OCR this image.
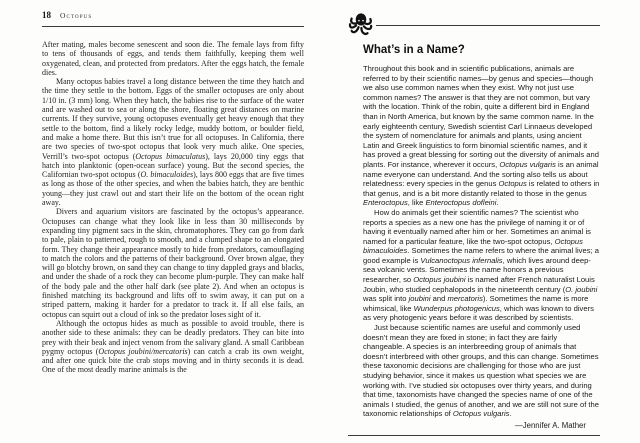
18 Octopus

After mating, males become senescent and soon die. The female lays from fifty to tens of thousands of eggs, and tends them faithfully, keeping them well oxygenated, clean, and protected from predators. After the eggs hatch, the female dies.

Many octopus babies travel a long distance between the time they hatch and the time they settle to the bottom. Eggs of the smaller octopuses are only about 1/10 in. (3 mm) long. When they hatch, the babies rise to the surface of the water and are washed out to sea or along the shore, floating great distances on marine currents. If they survive, young octopuses eventually get heavy enough that they settle to the bottom, find a likely rocky ledge, muddy bottom, or boulder field, and make a home there. But this isn’t true for all octopuses. In California, there are two species of two-spot octopus that look very much alike. One species, Verrill’s two-spot octopus (Octopus bimaculatus), lays 20,000 tiny eggs that hatch into planktonic (open-ocean surface) young. But the second species, the Californian two-spot octopus (O. bimaculoides), lays 800 eggs that are five times as long as those of the other species, and when the babies hatch, they are benthic young—they just crawl out and start their life on the bottom of the ocean right away.

Divers and aquarium visitors are fascinated by the octopus’s appearance. Octopuses can change what they look like in less than 30 milliseconds by expanding tiny pigment sacs in the skin, chromatophores. They can go from dark to pale, plain to patterned, rough to smooth, and a clumped shape to an elongated form. They change their appearance mostly to hide from predators, camouflaging to match the colors and the patterns of their background. Over brown algae, they will go blotchy brown, on sand they can change to tiny dappled grays and blacks, and under the shade of a rock they can become plum-purple. They can make half of the body pale and the other half dark (see plate 2). And when an octopus is finished matching its background and lifts off to swim away, it can put on a striped pattern, making it harder for a predator to track it. If all else fails, an octopus can squirt out a cloud of ink so the predator loses sight of it.

Although the octopus hides as much as possible to avoid trouble, there is another side to these animals: they can be deadly predators. They can bite into prey with their beak and inject venom from the salivary gland. A small Caribbean pygmy octopus (Octopus joubini/mercatoris) can catch a crab its own weight, and after one quick bite the crab stops moving and in thirty seconds it is dead. One of the most deadly marine animals is the

What’s in a Name?

Throughout this book and in scientific publications, animals are referred to by their scientific names—by genus and species—though we also use common names when they exist. Why not just use common names? The answer is that they are not common, but vary with the location. Think of the robin, quite a different bird in England than in North America, but known by the same common name. In the early eighteenth century, Swedish scientist Carl Linnaeus developed the system of nomenclature for animals and plants, using ancient Latin and Greek linguistics to form binomial scientific names, and it has proved a great blessing for sorting out the diversity of animals and plants. For instance, wherever it occurs, Octopus vulgaris is an animal name everyone can understand. And the sorting also tells us about relatedness: every species in the genus Octopus is related to others in that genus, and is a bit more distantly related to those in the genus Enteroctopus, like Enteroctopus dofleini.

How do animals get their scientific names? The scientist who reports a species as a new one has the privilege of naming it or of having it eventually named after him or her. Sometimes an animal is named for a particular feature, like the two-spot octopus, Octopus bimaculoides. Sometimes the name refers to where the animal lives; a good example is Vulcanoctopus infernalis, which lives around deep-sea volcanic vents. Sometimes the name honors a previous researcher, so Octopus joubini is named after French naturalist Louis Joubin, who studied cephalopods in the nineteenth century (O. joubini was split into joubini and mercatoris). Sometimes the name is more whimsical, like Wunderpus photogenicus, which was known to divers as very photogenic years before it was described by scientists.

Just because scientific names are useful and commonly used doesn’t mean they are fixed in stone; in fact they are fairly changeable. A species is an interbreeding group of animals that doesn’t interbreed with other groups, and this can change. Sometimes these taxonomic decisions are challenging for those who are just studying behavior, since it makes us question what species we are working with. I’ve studied six octopuses over thirty years, and during that time, taxonomists have changed the species name of one of the animals I studied, the genus of another, and we are still not sure of the taxonomic relationships of Octopus vulgaris.

—Jennifer A. Mather
